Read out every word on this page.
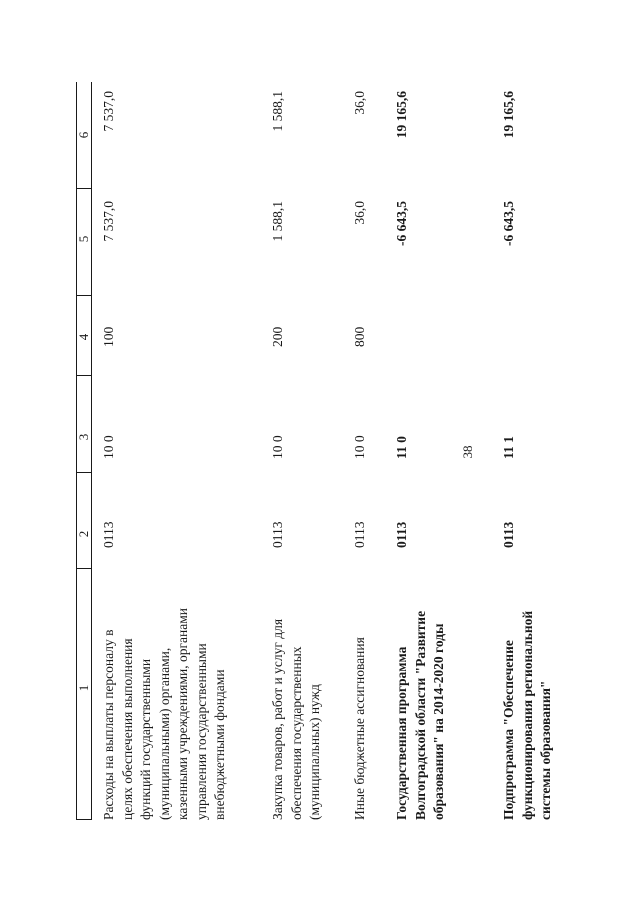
38
1
2
3
4
5
6
Расходы на выплаты персоналу в целях обеспечения выполнения функций государственными (муниципальными) органами, казенными учреждениями, органами управления государственными внебюджетными фондами
0113
10 0
100
7 537,0
7 537,0
Закупка товаров, работ и услуг для обеспечения государственных (муниципальных) нужд
0113
10 0
200
1 588,1
1 588,1
Иные бюджетные ассигнования
0113
10 0
800
36,0
36,0
Государственная программа Волгоградской области "Развитие образования" на 2014-2020 годы
0113
11 0
-6 643,5
19 165,6
Подпрограмма "Обеспечение функционирования региональной системы образования"
0113
11 1
-6 643,5
19 165,6
